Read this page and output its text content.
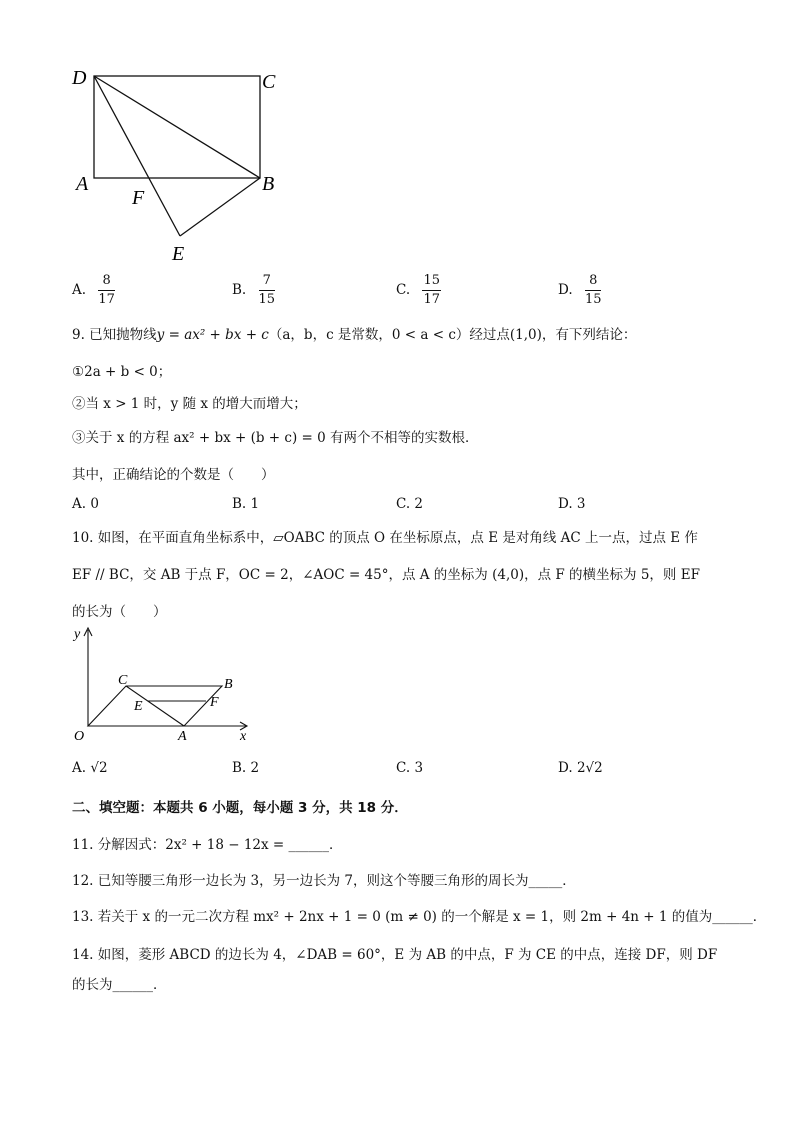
D	C
A	B
F
E
A. $\frac{8}{17}$	B. $\frac{7}{15}$	C. $\frac{15}{17}$	D. $\frac{8}{15}$
9. 已知抛物线y = ax² + bx + c（a，b，c 是常数，0 < a < c）经过点(1,0)，有下列结论：
①2a + b < 0；
②当 x > 1 时，y 随 x 的增大而增大；
③关于 x 的方程 ax² + bx + (b + c) = 0 有两个不相等的实数根．
其中，正确结论的个数是（　　）
A. 0	B. 1	C. 2	D. 3
10. 如图，在平面直角坐标系中，▱OABC 的顶点 O 在坐标原点，点 E 是对角线 AC 上一点，过点 E 作
EF // BC，交 AB 于点 F，OC = 2，∠AOC = 45°，点 A 的坐标为 (4,0)，点 F 的横坐标为 5，则 EF
的长为（　　）
y
x
O	A
B
C
E	F
A. √2	B. 2	C. 3	D. 2√2
二、填空题：本题共 6 小题，每小题 3 分，共 18 分．
11. 分解因式：2x² + 18 − 12x = ______．
12. 已知等腰三角形一边长为 3，另一边长为 7，则这个等腰三角形的周长为_____．
13. 若关于 x 的一元二次方程 mx² + 2nx + 1 = 0 (m ≠ 0) 的一个解是 x = 1，则 2m + 4n + 1 的值为______．
14. 如图，菱形 ABCD 的边长为 4，∠DAB = 60°，E 为 AB 的中点，F 为 CE 的中点，连接 DF，则 DF
的长为______．
